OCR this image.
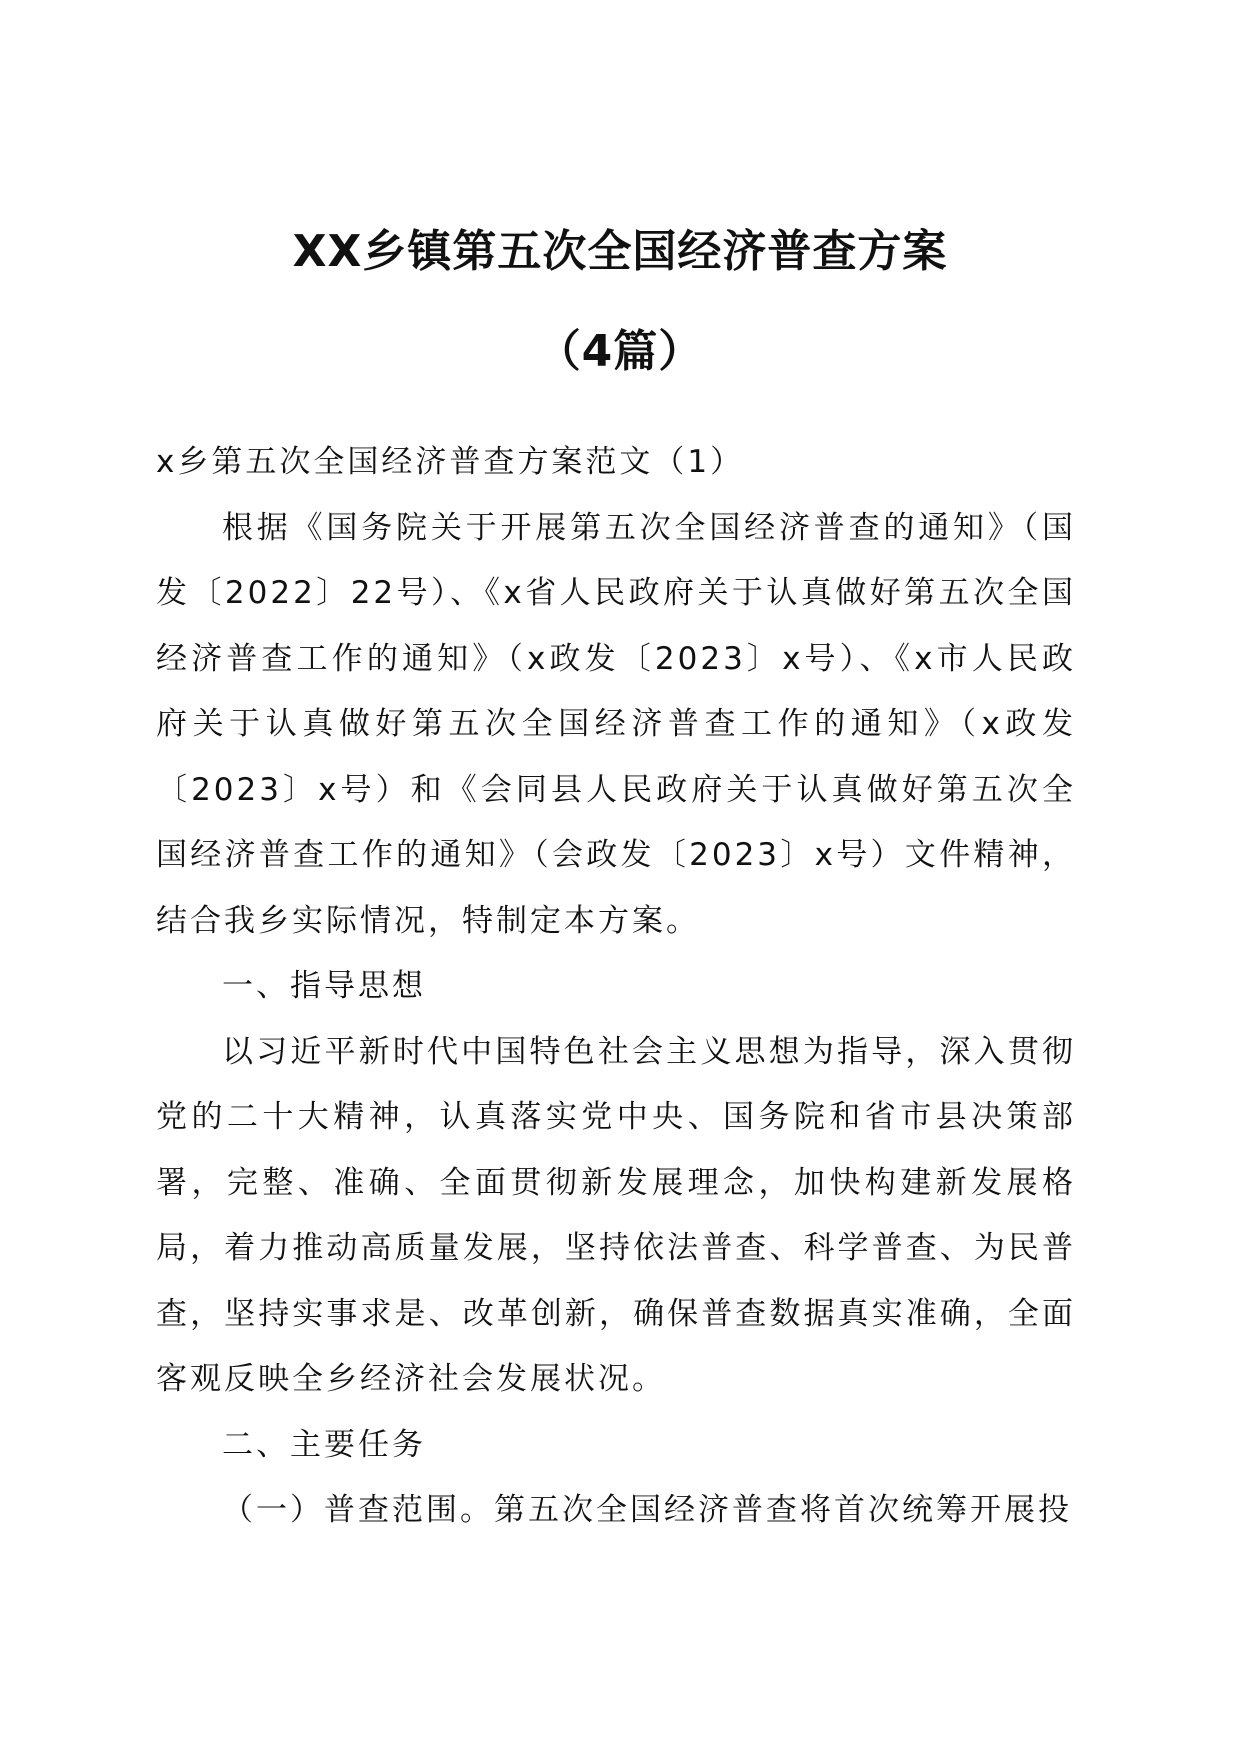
XX乡镇第五次全国经济普查方案
（4篇）

x乡第五次全国经济普查方案范文（1）

根据《国务院关于开展第五次全国经济普查的通知》（国发〔2022〕22号）、《x省人民政府关于认真做好第五次全国经济普查工作的通知》（x政发〔2023〕x号）、《x市人民政府关于认真做好第五次全国经济普查工作的通知》（x政发〔2023〕x号）和《会同县人民政府关于认真做好第五次全国经济普查工作的通知》（会政发〔2023〕x号）文件精神，结合我乡实际情况，特制定本方案。

一、指导思想

以习近平新时代中国特色社会主义思想为指导，深入贯彻党的二十大精神，认真落实党中央、国务院和省市县决策部署，完整、准确、全面贯彻新发展理念，加快构建新发展格局，着力推动高质量发展，坚持依法普查、科学普查、为民普查，坚持实事求是、改革创新，确保普查数据真实准确，全面客观反映全乡经济社会发展状况。

二、主要任务

（一）普查范围。第五次全国经济普查将首次统筹开展投
